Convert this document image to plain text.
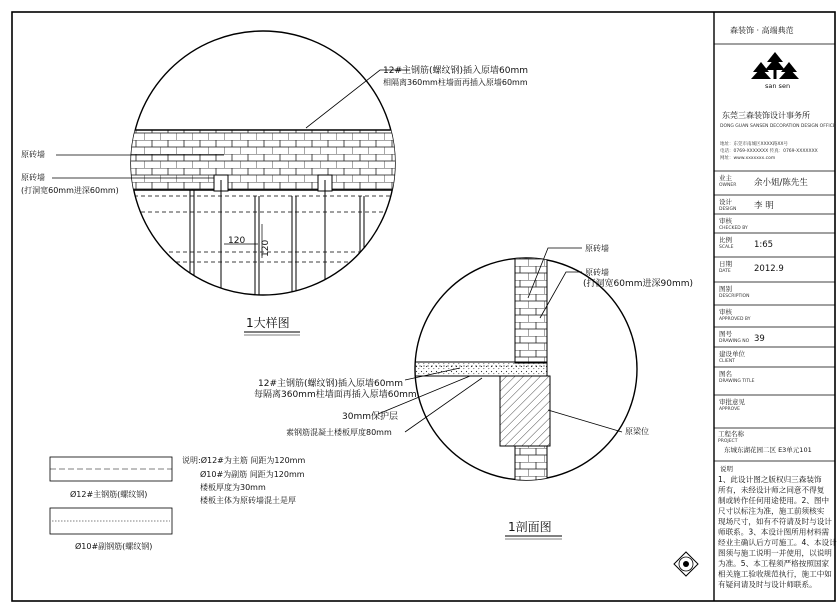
120 120
12#主钢筋(螺纹钢)插入原墙60mm
相隔离360mm柱墙面再插入原墙60mm
原砖墙
原砖墙
(打洞宽60mm进深60mm)
1大样图
原砖墙
原砖墙
(打洞宽60mm进深90mm)
12#主钢筋(螺纹钢)插入原墙60mm
每隔离360mm柱墙面再插入原墙60mm
30mm保护层
素钢筋混凝土楼板厚度80mm	原梁位
1剖面图
Ø12#主钢筋(螺纹钢)
Ø10#副钢筋(螺纹钢)
说明:Ø12#为主筋 间距为120mm
Ø10#为副筋 间距为120mm
楼板厚度为30mm
楼板主体为原砖墙混土是厚
森装饰 · 高端典范
san sen
东莞三森装饰设计事务所
DONG GUAN SANSEN DECORATION DESIGN OFFICE
地址：东莞市南城区XXXX路XX号
电话：0769-XXXXXXX 传真：0769-XXXXXXX
网址：www.xxxxxxx.com
业主
OWNER 余小姐/陈先生
设计
DESIGN 李 明
审核
CHECKED BY
比例
SCALE 1:65
日期
DATE	2012.9
图别
DESCRIPTION
审核
APPROVED BY
图号
DRAWING NO 39
建设单位
CLIENT
图名
DRAWING TITLE
审批意见
APPROVE
工程名称
PROJECT
东城东湖花园二区 E3单元101
说明
1、此设计图之版权归三森装饰
所有，未经设计师之同意不得复
制或转作任何用途使用。2、图中
尺寸以标注为准，施工前须核实
现场尺寸，如有不符请及时与设计
师联系。3、本设计图所用材料需
经业主确认后方可施工。4、本设计
图须与施工说明一并使用，以说明
为准。5、本工程须严格按照国家
相关施工验收规范执行，施工中如
有疑问请及时与设计师联系。
